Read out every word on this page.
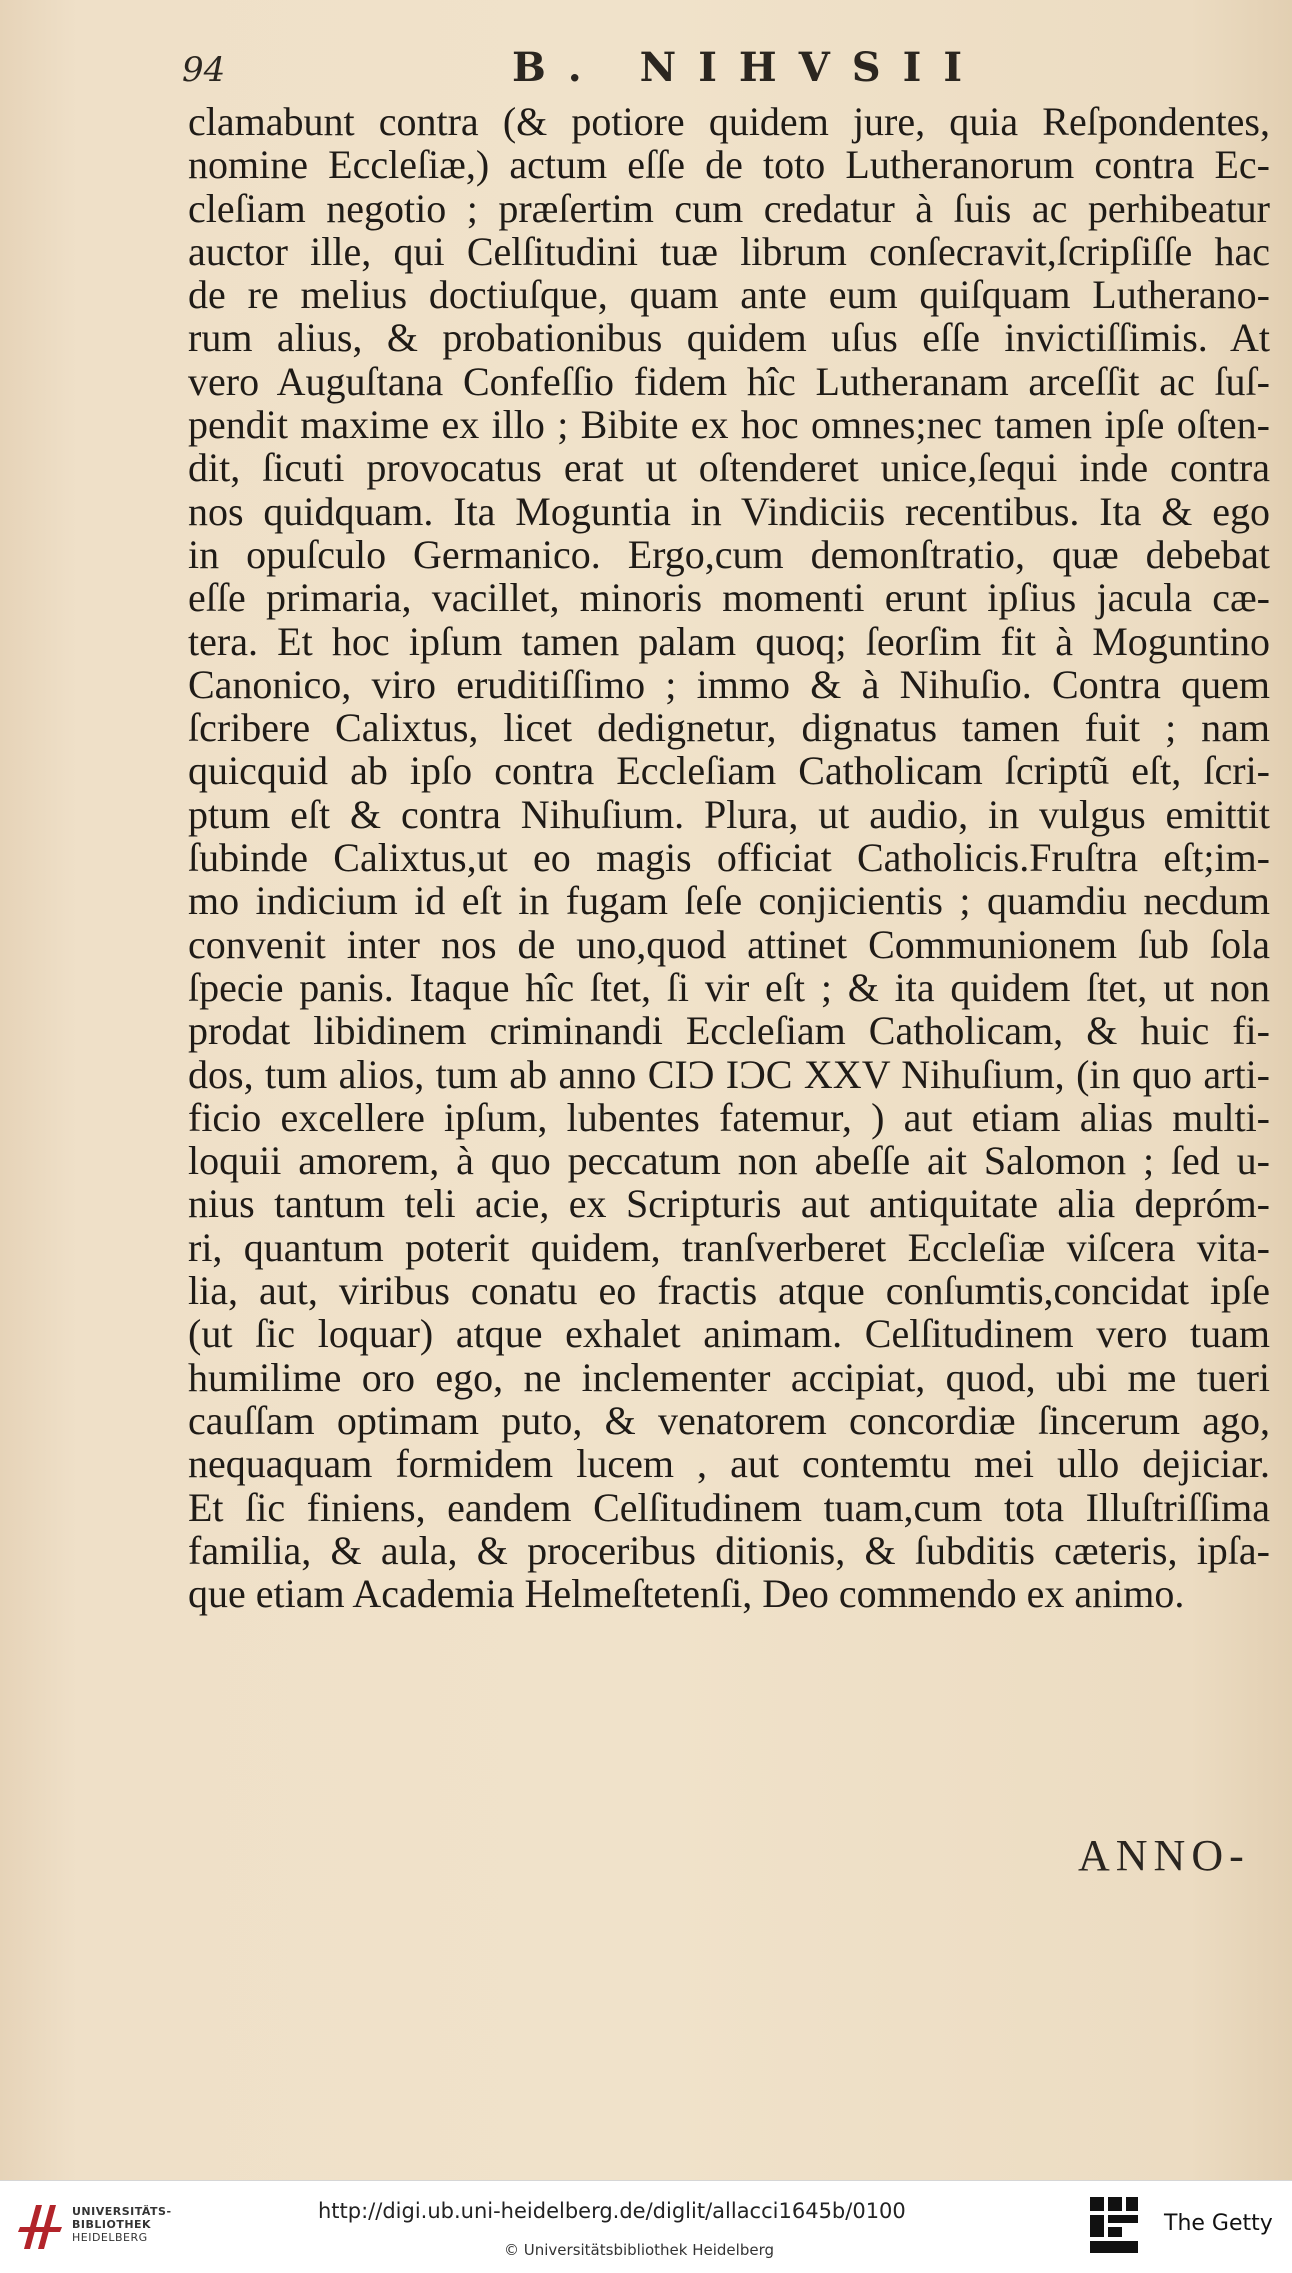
94	B. NIHVSII
clamabunt contra (& potiore quidem jure, quia Reſpondentes,
nomine Eccleſiæ,) actum eſſe de toto Lutheranorum contra Ec-
cleſiam negotio ; præſertim cum credatur à ſuis ac perhibeatur
auctor ille, qui Celſitudini tuæ librum conſecravit,ſcripſiſſe hac
de re melius doctiuſque, quam ante eum quiſquam Lutherano-
rum alius, & probationibus quidem uſus eſſe invictiſſimis. At
vero Auguſtana Confeſſio fidem hîc Lutheranam arceſſit ac ſuſ-
pendit maxime ex illo ; Bibite ex hoc omnes;nec tamen ipſe oſten-
dit, ſicuti provocatus erat ut oſtenderet unice,ſequi inde contra
nos quidquam. Ita Moguntia in Vindiciis recentibus. Ita & ego
in opuſculo Germanico. Ergo,cum demonſtratio, quæ debebat
eſſe primaria, vacillet, minoris momenti erunt ipſius jacula cæ-
tera. Et hoc ipſum tamen palam quoq; ſeorſim fit à Moguntino
Canonico, viro eruditiſſimo ; immo & à Nihuſio. Contra quem
ſcribere Calixtus, licet dedignetur, dignatus tamen fuit ; nam
quicquid ab ipſo contra Eccleſiam Catholicam ſcriptũ eſt, ſcri-
ptum eſt & contra Nihuſium. Plura, ut audio, in vulgus emittit
ſubinde Calixtus,ut eo magis officiat Catholicis.Fruſtra eſt;im-
mo indicium id eſt in fugam ſeſe conjicientis ; quamdiu necdum
convenit inter nos de uno,quod attinet Communionem ſub ſola
ſpecie panis. Itaque hîc ſtet, ſi vir eſt ; & ita quidem ſtet, ut non
prodat libidinem criminandi Eccleſiam Catholicam, & huic fi-
dos, tum alios, tum ab anno CIƆ IƆC XXV Nihuſium, (in quo arti-
ficio excellere ipſum, lubentes fatemur, ) aut etiam alias multi-
loquii amorem, à quo peccatum non abeſſe ait Salomon ; ſed u-
nius tantum teli acie, ex Scripturis aut antiquitate alia depróm-
ri, quantum poterit quidem, tranſverberet Eccleſiæ viſcera vita-
lia, aut, viribus conatu eo fractis atque conſumtis,concidat ipſe
(ut ſic loquar) atque exhalet animam. Celſitudinem vero tuam
humilime oro ego, ne inclementer accipiat, quod, ubi me tueri
cauſſam optimam puto, & venatorem concordiæ ſincerum ago,
nequaquam formidem lucem , aut contemtu mei ullo dejiciar.
Et ſic finiens, eandem Celſitudinem tuam,cum tota Illuſtriſſima
familia, & aula, & proceribus ditionis, & ſubditis cæteris, ipſa-
que etiam Academia Helmeſtetenſi, Deo commendo ex animo.
ANNO-
UNIVERSITÄTS-
BIBLIOTHEK
HEIDELBERG
http://digi.ub.uni-heidelberg.de/diglit/allacci1645b/0100
© Universitätsbibliothek Heidelberg
The Getty
